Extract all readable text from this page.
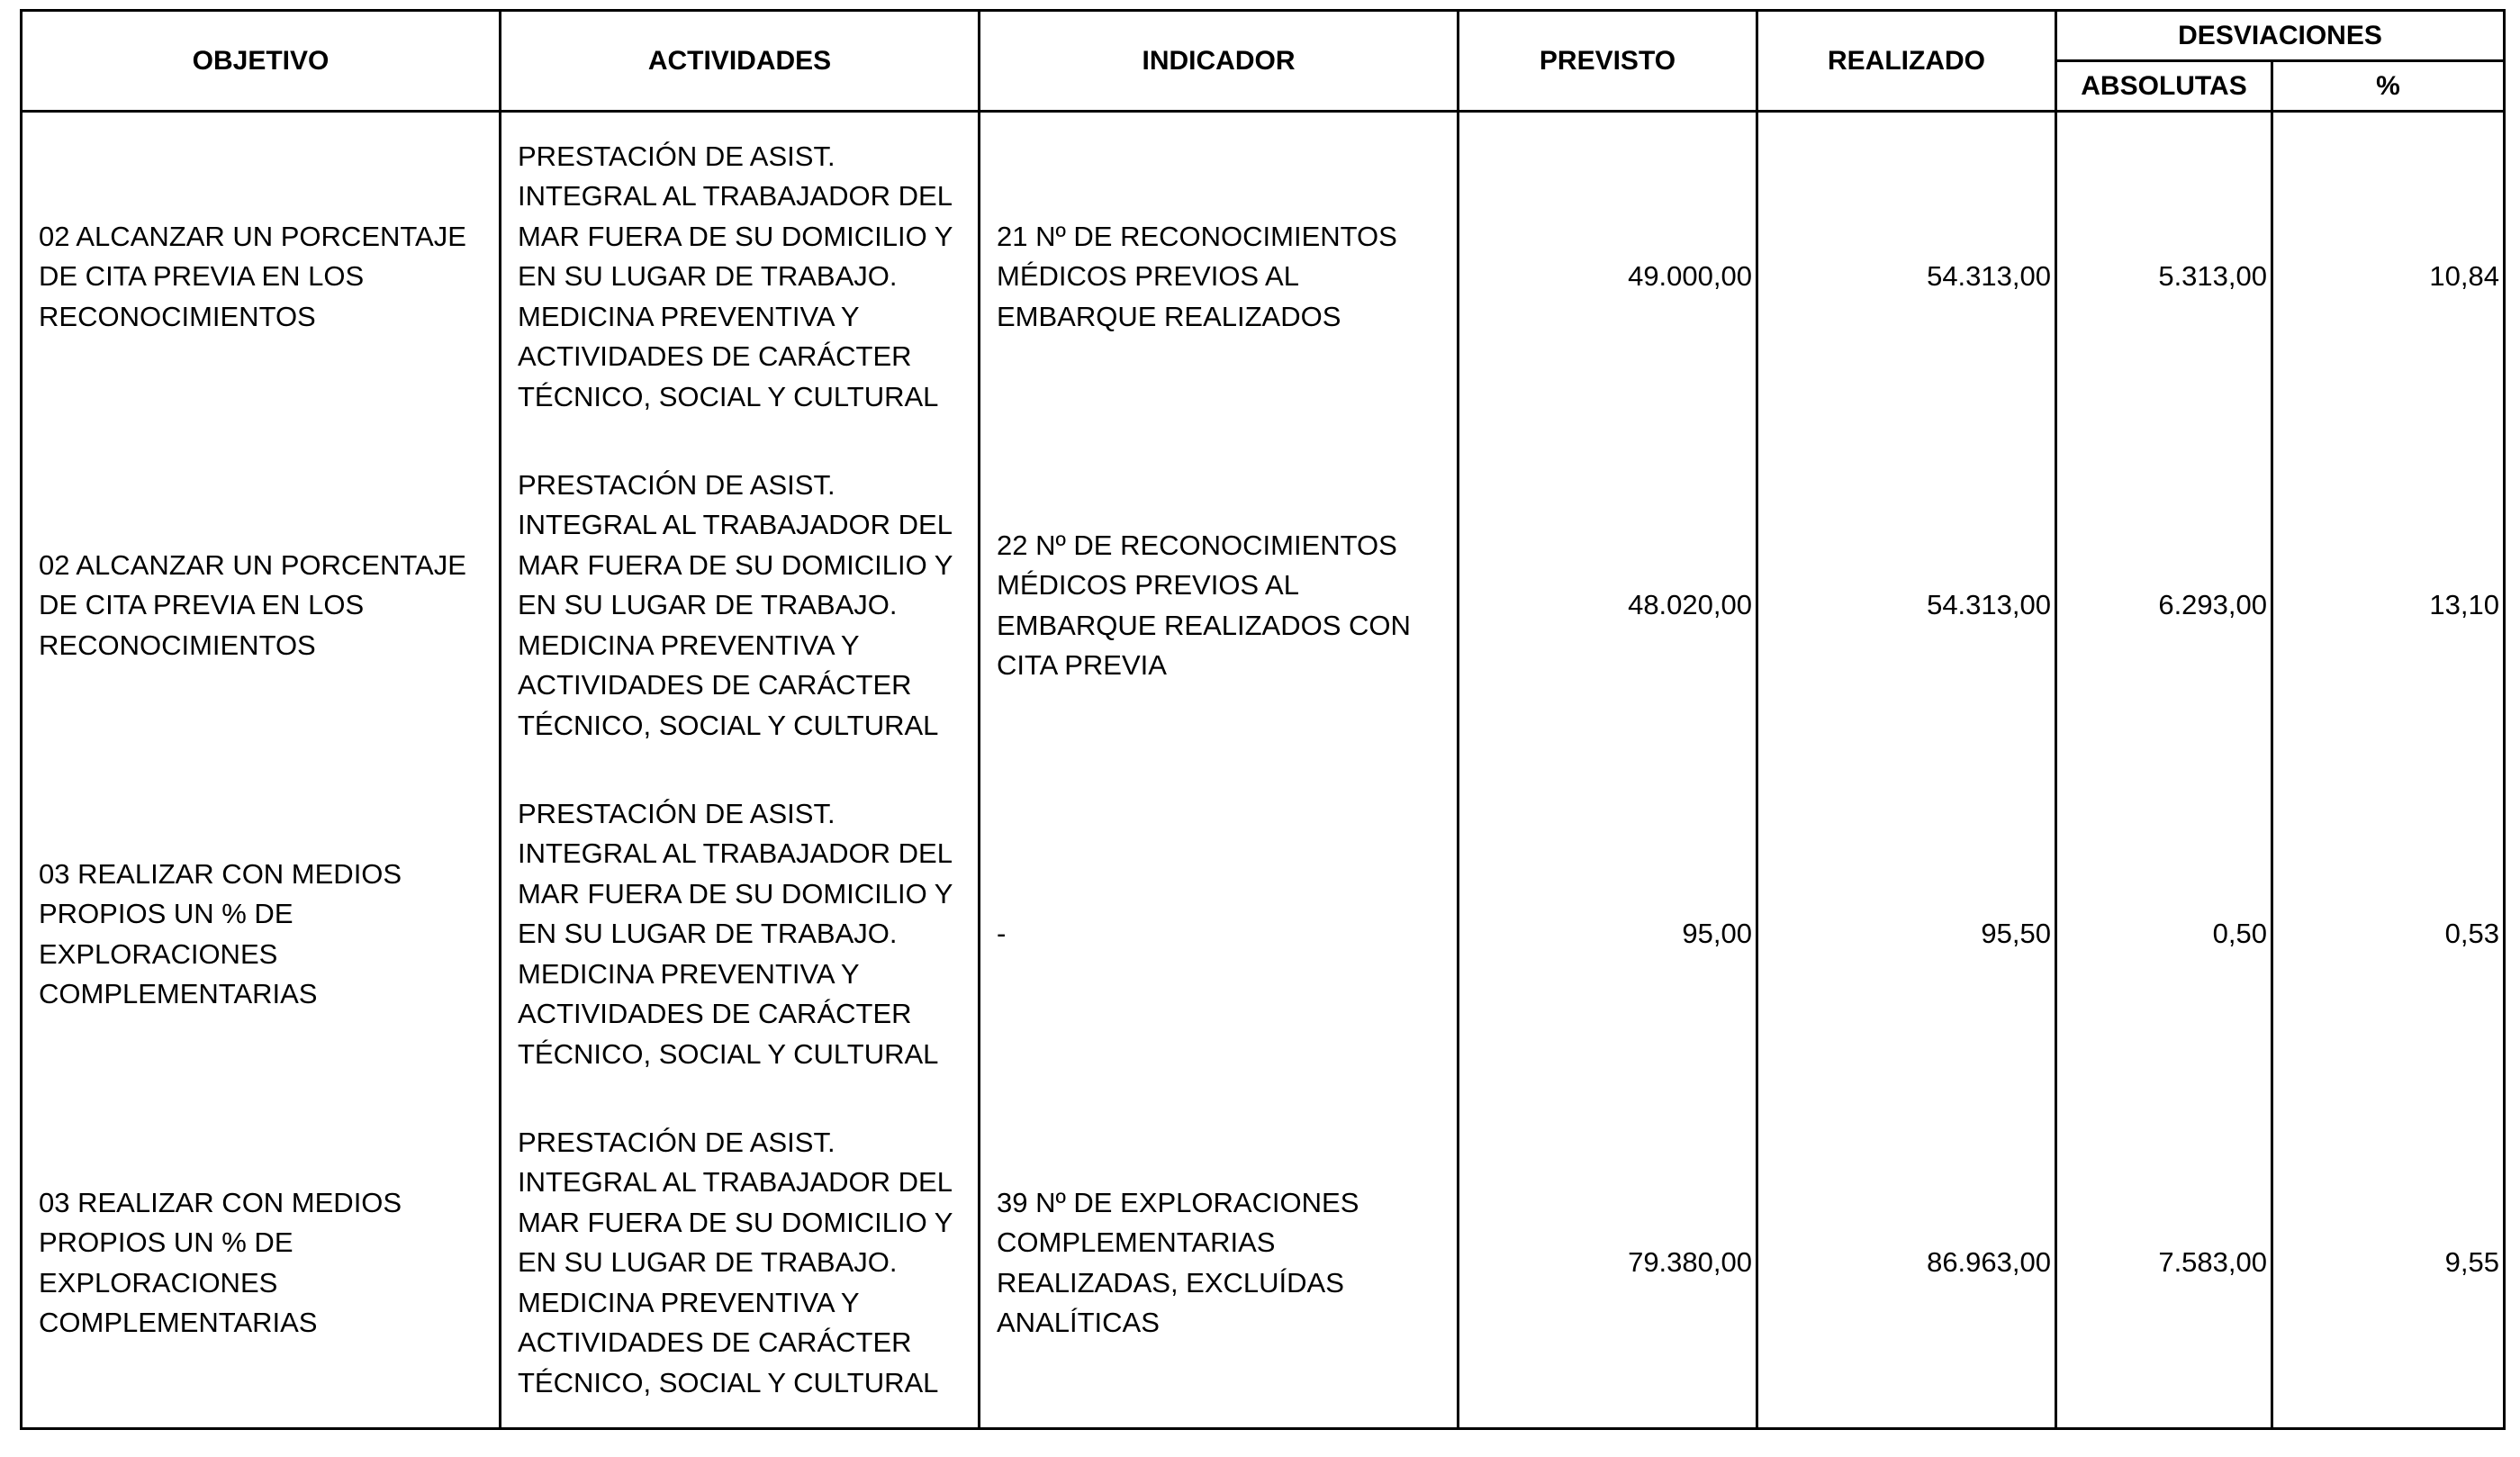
OBJETIVO	ACTIVIDADES	INDICADOR	PREVISTO	REALIZADO	DESVIACIONES	
					ABSOLUTAS	%
02 ALCANZAR UN PORCENTAJE DE CITA PREVIA EN LOS RECONOCIMIENTOS	PRESTACIÓN DE ASIST. INTEGRAL AL TRABAJADOR DEL MAR FUERA DE SU DOMICILIO Y EN SU LUGAR DE TRABAJO. MEDICINA PREVENTIVA Y ACTIVIDADES DE CARÁCTER TÉCNICO, SOCIAL Y CULTURAL	21 Nº DE RECONOCIMIENTOS MÉDICOS PREVIOS AL EMBARQUE REALIZADOS	49.000,00	54.313,00	5.313,00	10,84
02 ALCANZAR UN PORCENTAJE DE CITA PREVIA EN LOS RECONOCIMIENTOS	PRESTACIÓN DE ASIST. INTEGRAL AL TRABAJADOR DEL MAR FUERA DE SU DOMICILIO Y EN SU LUGAR DE TRABAJO. MEDICINA PREVENTIVA Y ACTIVIDADES DE CARÁCTER TÉCNICO, SOCIAL Y CULTURAL	22 Nº DE RECONOCIMIENTOS MÉDICOS PREVIOS AL EMBARQUE REALIZADOS CON CITA PREVIA	48.020,00	54.313,00	6.293,00	13,10
03 REALIZAR CON MEDIOS PROPIOS UN % DE EXPLORACIONES COMPLEMENTARIAS	PRESTACIÓN DE ASIST. INTEGRAL AL TRABAJADOR DEL MAR FUERA DE SU DOMICILIO Y EN SU LUGAR DE TRABAJO. MEDICINA PREVENTIVA Y ACTIVIDADES DE CARÁCTER TÉCNICO, SOCIAL Y CULTURAL	-	95,00	95,50	0,50	0,53
03 REALIZAR CON MEDIOS PROPIOS UN % DE EXPLORACIONES COMPLEMENTARIAS	PRESTACIÓN DE ASIST. INTEGRAL AL TRABAJADOR DEL MAR FUERA DE SU DOMICILIO Y EN SU LUGAR DE TRABAJO. MEDICINA PREVENTIVA Y ACTIVIDADES DE CARÁCTER TÉCNICO, SOCIAL Y CULTURAL	39 Nº DE EXPLORACIONES COMPLEMENTARIAS REALIZADAS, EXCLUÍDAS ANALÍTICAS	79.380,00	86.963,00	7.583,00	9,55
